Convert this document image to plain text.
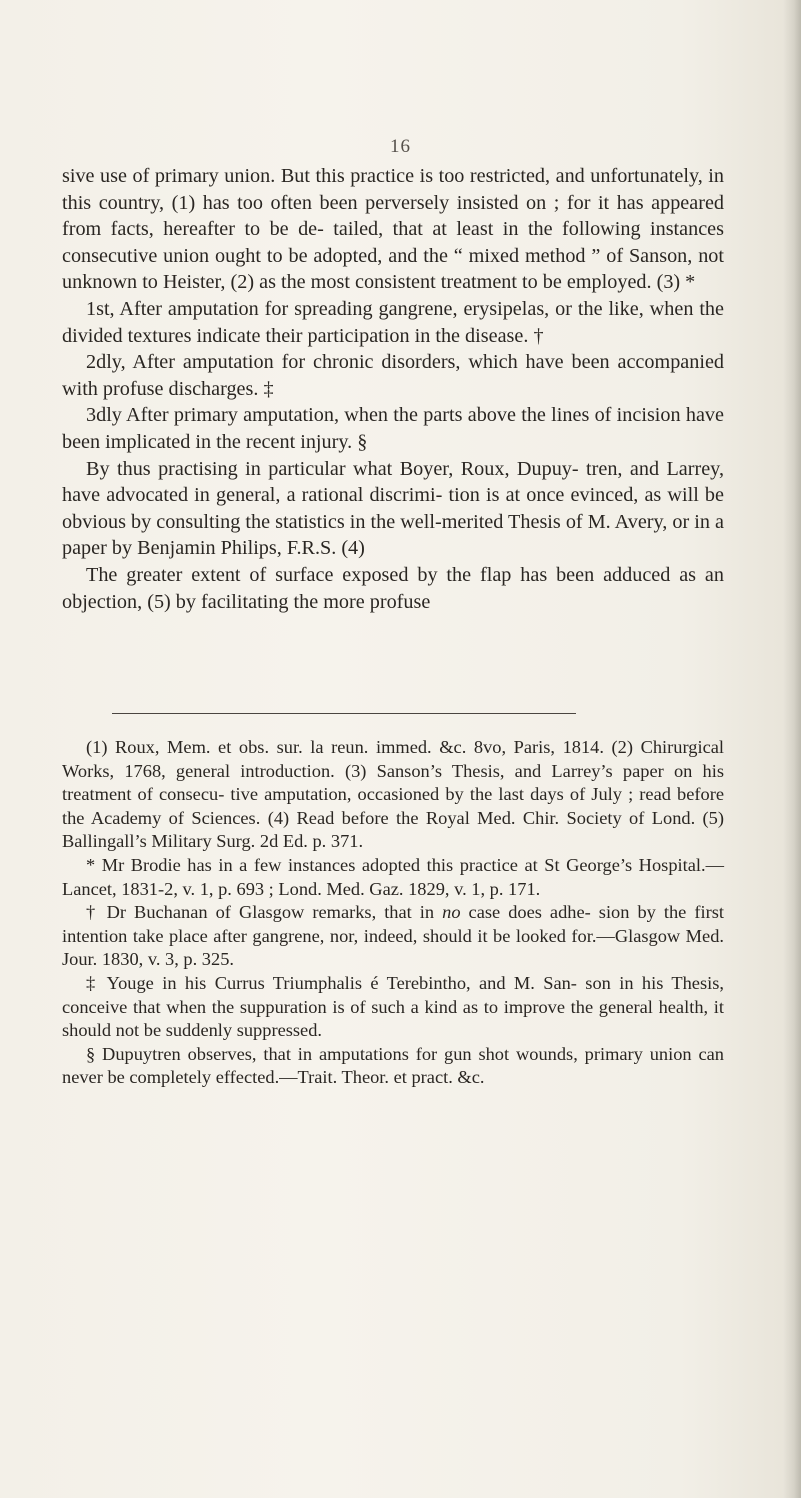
16

sive use of primary union. But this practice is too restricted, and unfortunately, in this country, (1) has too often been perversely insisted on ; for it has appeared from facts, hereafter to be de- tailed, that at least in the following instances consecutive union ought to be adopted, and the “ mixed method ” of Sanson, not unknown to Heister, (2) as the most consistent treatment to be employed. (3) *

1st, After amputation for spreading gangrene, erysipelas, or the like, when the divided textures indicate their participation in the disease. †

2dly, After amputation for chronic disorders, which have been accompanied with profuse discharges. ‡

3dly After primary amputation, when the parts above the lines of incision have been implicated in the recent injury. §

By thus practising in particular what Boyer, Roux, Dupuy- tren, and Larrey, have advocated in general, a rational discrimi- tion is at once evinced, as will be obvious by consulting the statistics in the well-merited Thesis of M. Avery, or in a paper by Benjamin Philips, F.R.S. (4)

The greater extent of surface exposed by the flap has been adduced as an objection, (5) by facilitating the more profuse

(1) Roux, Mem. et obs. sur. la reun. immed. &c. 8vo, Paris, 1814. (2) Chirurgical Works, 1768, general introduction. (3) Sanson’s Thesis, and Larrey’s paper on his treatment of consecu- tive amputation, occasioned by the last days of July ; read before the Academy of Sciences. (4) Read before the Royal Med. Chir. Society of Lond. (5) Ballingall’s Military Surg. 2d Ed. p. 371.

* Mr Brodie has in a few instances adopted this practice at St George’s Hospital.—Lancet, 1831-2, v. 1, p. 693 ; Lond. Med. Gaz. 1829, v. 1, p. 171.

† Dr Buchanan of Glasgow remarks, that in no case does adhe- sion by the first intention take place after gangrene, nor, indeed, should it be looked for.—Glasgow Med. Jour. 1830, v. 3, p. 325.

‡ Youge in his Currus Triumphalis é Terebintho, and M. San- son in his Thesis, conceive that when the suppuration is of such a kind as to improve the general health, it should not be suddenly suppressed.

§ Dupuytren observes, that in amputations for gun shot wounds, primary union can never be completely effected.—Trait. Theor. et pract. &c.
